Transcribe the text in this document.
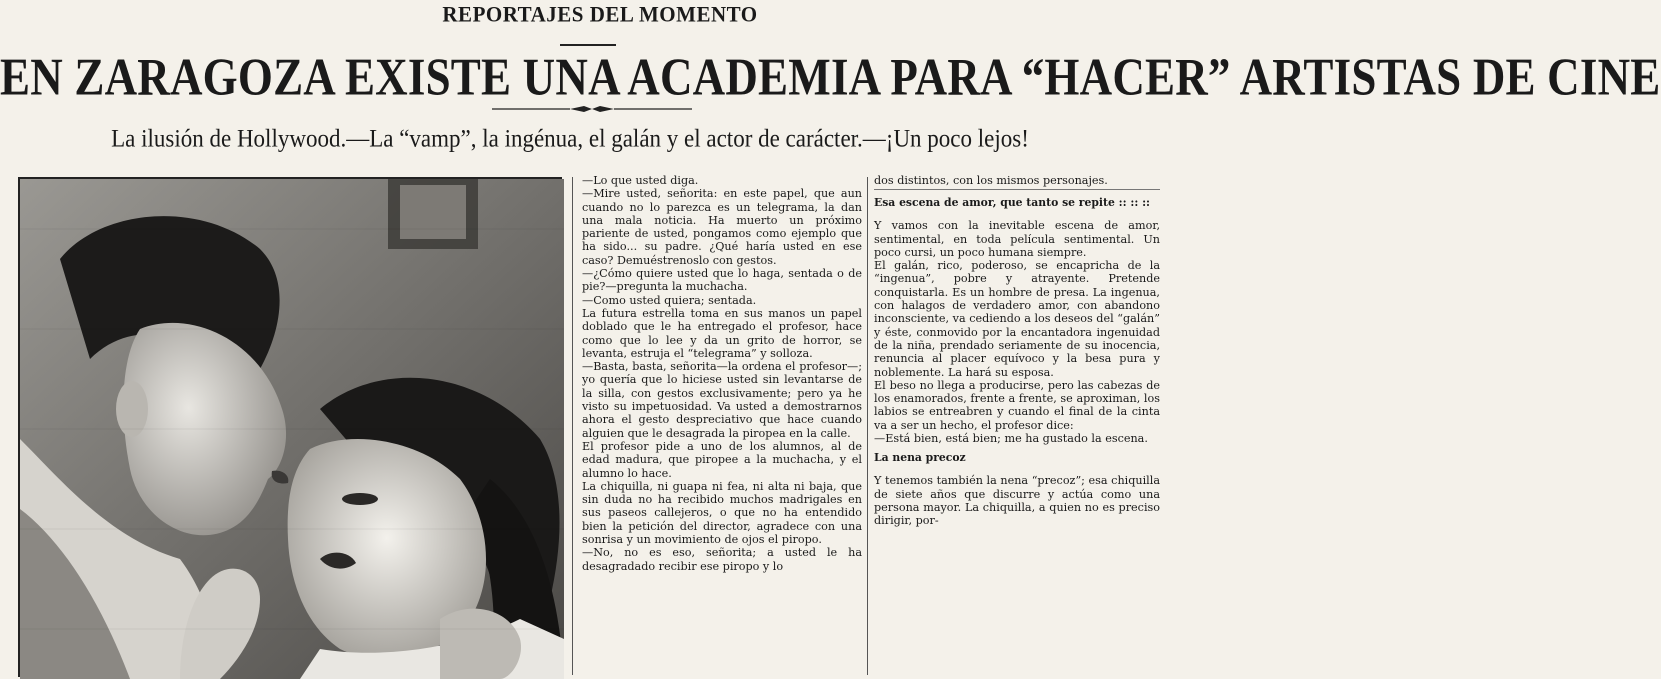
REPORTAJES DEL MOMENTO
EN ZARAGOZA EXISTE UNA ACADEMIA PARA “HACER” ARTISTAS DE CINE
La ilusión de Hollywood.—La “vamp”, la ingénua, el galán y el actor de carácter.—¡Un poco lejos!

—Lo que usted diga.

—Mire usted, señorita: en este papel, que aun cuando no lo parezca es un telegrama, la dan una mala noticia. Ha muerto un próximo pariente de usted, pongamos como ejemplo que ha sido... su padre. ¿Qué haría usted en ese caso? Demuéstrenoslo con gestos.

—¿Cómo quiere usted que lo haga, sentada o de pie?—pregunta la muchacha.

—Como usted quiera; sentada.

La futura estrella toma en sus manos un papel doblado que le ha entregado el profesor, hace como que lo lee y da un grito de horror, se levanta, estruja el “telegrama” y solloza.

—Basta, basta, señorita—la ordena el profesor—; yo quería que lo hiciese usted sin levantarse de la silla, con gestos exclusivamente; pero ya he visto su impetuosidad. Va usted a demostrarnos ahora el gesto despreciativo que hace cuando alguien que le desagrada la piropea en la calle.

El profesor pide a uno de los alumnos, al de edad madura, que piropee a la muchacha, y el alumno lo hace.

La chiquilla, ni guapa ni fea, ni alta ni baja, que sin duda no ha recibido muchos madrigales en sus paseos callejeros, o que no ha entendido bien la petición del director, agradece con una sonrisa y un movimiento de ojos el piropo.

—No, no es eso, señorita; a usted le ha desagradado recibir ese piropo y lo

dos distintos, con los mismos personajes.

Esa escena de amor, que tanto se repite :: :: ::

Y vamos con la inevitable escena de amor, sentimental, en toda película sentimental. Un poco cursi, un poco humana siempre.

El galán, rico, poderoso, se encapricha de la “ingenua”, pobre y atrayente. Pretende conquistarla. Es un hombre de presa. La ingenua, con halagos de verdadero amor, con abandono inconsciente, va cediendo a los deseos del “galán” y éste, conmovido por la encantadora ingenuidad de la niña, prendado seriamente de su inocencia, renuncia al placer equívoco y la besa pura y noblemente. La hará su esposa.

El beso no llega a producirse, pero las cabezas de los enamorados, frente a frente, se aproximan, los labios se entreabren y cuando el final de la cinta va a ser un hecho, el profesor dice:

—Está bien, está bien; me ha gustado la escena.

La nena precoz

Y tenemos también la nena “precoz”; esa chiquilla de siete años que discurre y actúa como una persona mayor. La chiquilla, a quien no es preciso dirigir, por-
